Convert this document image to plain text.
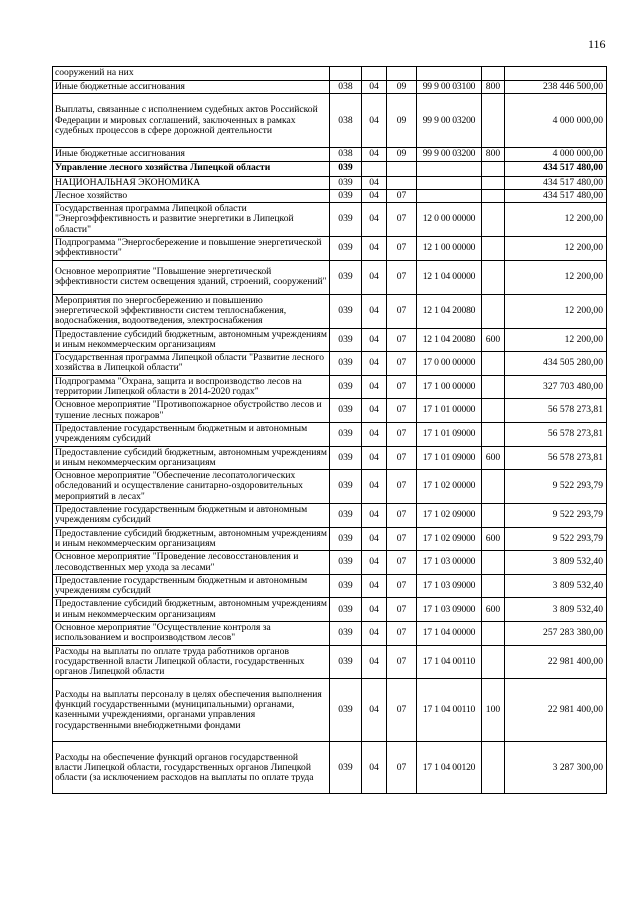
116
сооружений на них						
Иные бюджетные ассигнования	038	04	09	99 9 00 03100	800	238 446 500,00
Выплаты, связанные с исполнением судебных актов Российской Федерации и мировых соглашений, заключенных в рамках судебных процессов в сфере дорожной деятельности	038	04	09	99 9 00 03200		4 000 000,00
Иные бюджетные ассигнования	038	04	09	99 9 00 03200	800	4 000 000,00
Управление лесного хозяйства Липецкой области	039					434 517 480,00
НАЦИОНАЛЬНАЯ ЭКОНОМИКА	039	04				434 517 480,00
Лесное хозяйство	039	04	07			434 517 480,00
Государственная программа Липецкой области "Энергоэффективность и развитие энергетики в Липецкой области"	039	04	07	12 0 00 00000		12 200,00
Подпрограмма "Энергосбережение и повышение энергетической эффективности"	039	04	07	12 1 00 00000		12 200,00
Основное мероприятие "Повышение энергетической эффективности систем освещения зданий, строений, сооружений"	039	04	07	12 1 04 00000		12 200,00
Мероприятия по энергосбережению и повышению энергетической эффективности систем теплоснабжения, водоснабжения, водоотведения, электроснабжения	039	04	07	12 1 04 20080		12 200,00
Предоставление субсидий бюджетным, автономным учреждениям и иным некоммерческим организациям	039	04	07	12 1 04 20080	600	12 200,00
Государственная программа Липецкой области "Развитие лесного хозяйства в Липецкой области"	039	04	07	17 0 00 00000		434 505 280,00
Подпрограмма "Охрана, защита и воспроизводство лесов на территории Липецкой области в 2014-2020 годах"	039	04	07	17 1 00 00000		327 703 480,00
Основное мероприятие "Противопожарное обустройство лесов и тушение лесных пожаров"	039	04	07	17 1 01 00000		56 578 273,81
Предоставление государственным бюджетным и автономным учреждениям субсидий	039	04	07	17 1 01 09000		56 578 273,81
Предоставление субсидий бюджетным, автономным учреждениям и иным некоммерческим организациям	039	04	07	17 1 01 09000	600	56 578 273,81
Основное мероприятие "Обеспечение лесопатологических обследований и осуществление санитарно-оздоровительных мероприятий в лесах"	039	04	07	17 1 02 00000		9 522 293,79
Предоставление государственным бюджетным и автономным учреждениям субсидий	039	04	07	17 1 02 09000		9 522 293,79
Предоставление субсидий бюджетным, автономным учреждениям и иным некоммерческим организациям	039	04	07	17 1 02 09000	600	9 522 293,79
Основное мероприятие "Проведение лесовосстановления и лесоводственных мер ухода за лесами"	039	04	07	17 1 03 00000		3 809 532,40
Предоставление государственным бюджетным и автономным учреждениям субсидий	039	04	07	17 1 03 09000		3 809 532,40
Предоставление субсидий бюджетным, автономным учреждениям и иным некоммерческим организациям	039	04	07	17 1 03 09000	600	3 809 532,40
Основное мероприятие "Осуществление контроля за использованием и воспроизводством лесов"	039	04	07	17 1 04 00000		257 283 380,00
Расходы на выплаты по оплате труда работников органов государственной власти Липецкой области, государственных органов Липецкой области	039	04	07	17 1 04 00110		22 981 400,00
Расходы на выплаты персоналу в целях обеспечения выполнения функций государственными (муниципальными) органами, казенными учреждениями, органами управления государственными внебюджетными фондами	039	04	07	17 1 04 00110	100	22 981 400,00
Расходы на обеспечение функций органов государственной власти Липецкой области, государственных органов Липецкой области (за исключением расходов на выплаты по оплате труда	039	04	07	17 1 04 00120		3 287 300,00
